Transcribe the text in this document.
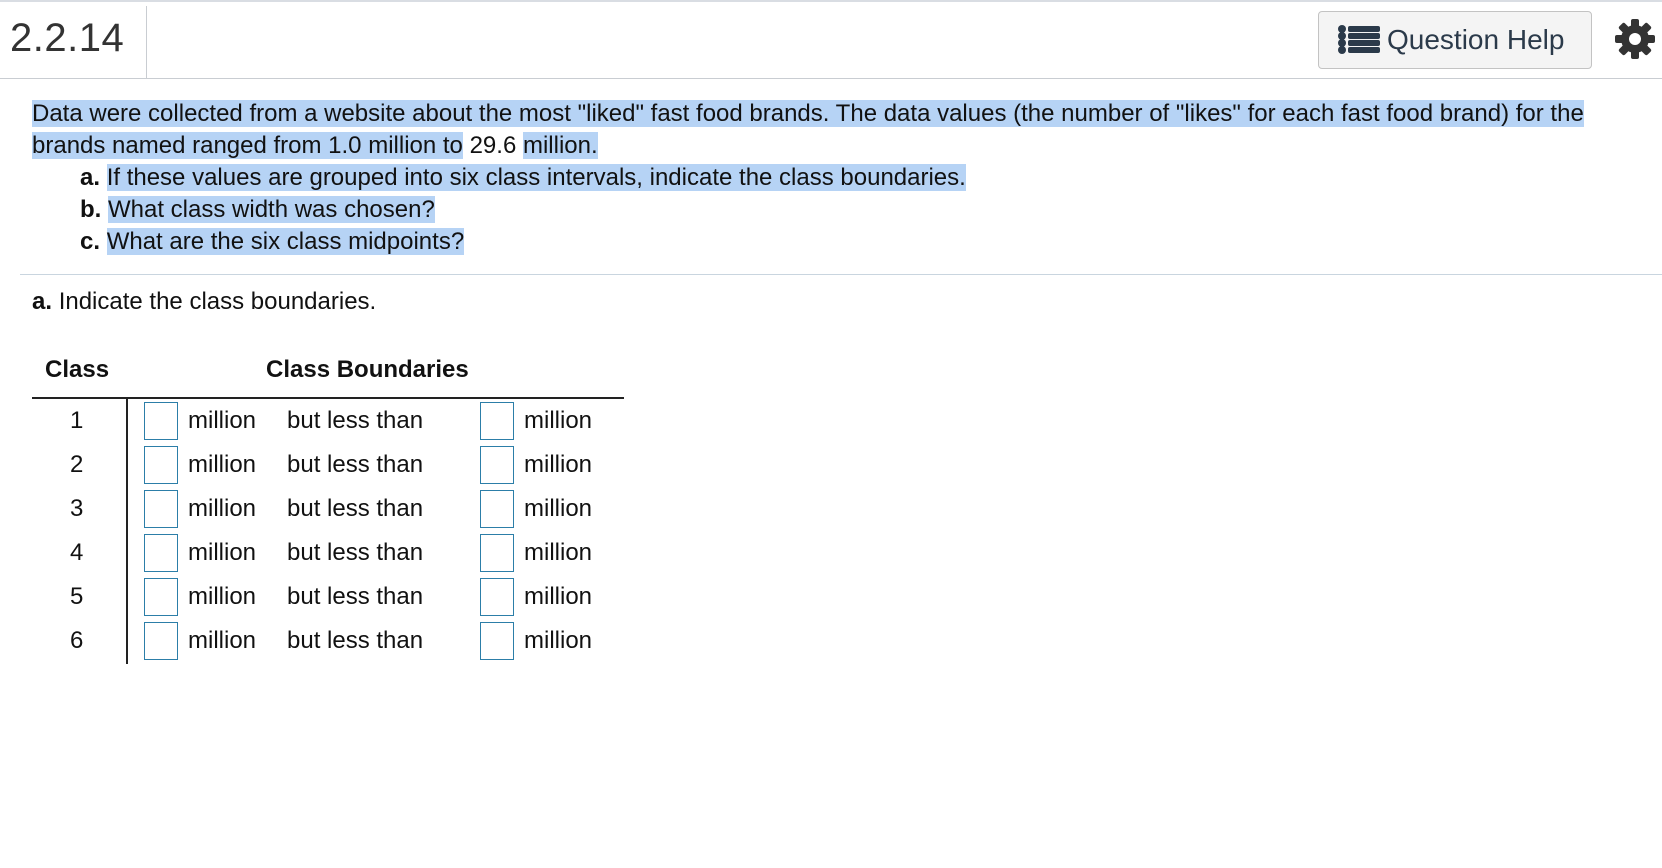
2.2.14	Question Help

Data were collected from a website about the most "liked" fast food brands. The data values (the number of "likes" for each fast food brand) for the brands named ranged from 1.0 million to 29.6 million.

a. If these values are grouped into six class intervals, indicate the class boundaries.

b. What class width was chosen?

c. What are the six class midpoints?

a. Indicate the class boundaries.
Class	Class Boundaries
1	million but less than	million
2	million but less than	million
3	million but less than	million
4	million but less than	million
5	million but less than	million
6	million but less than	million
